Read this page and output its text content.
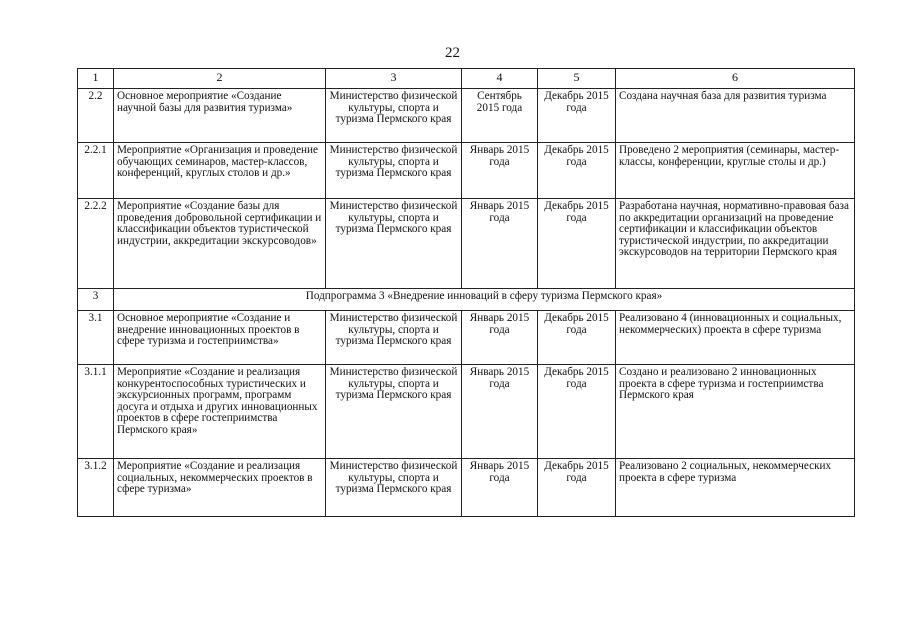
22
1	2	3	4	5	6
2.2	Основное мероприятие «Создание научной базы для развития туризма»	Министерство физической культуры, спорта и туризма Пермского края	Сентябрь 2015 года	Декабрь 2015 года	Создана научная база для развития туризма
2.2.1	Мероприятие «Организация и проведение обучающих семинаров, мастер-классов, конференций, круглых столов и др.»	Министерство физической культуры, спорта и туризма Пермского края	Январь 2015 года	Декабрь 2015 года	Проведено 2 мероприятия (семинары, мастер-классы, конференции, круглые столы и др.)
2.2.2	Мероприятие «Создание базы для проведения добровольной сертификации и классификации объектов туристической индустрии, аккредитации экскурсоводов»	Министерство физической культуры, спорта и туризма Пермского края	Январь 2015 года	Декабрь 2015 года	Разработана научная, нормативно-правовая база по аккредитации организаций на проведение сертификации и классификации объектов туристической индустрии, по аккредитации экскурсоводов на территории Пермского края
3	Подпрограмма 3 «Внедрение инноваций в сферу туризма Пермского края»				
3.1	Основное мероприятие «Создание и внедрение инновационных проектов в сфере туризма и гостеприимства»	Министерство физической культуры, спорта и туризма Пермского края	Январь 2015 года	Декабрь 2015 года	Реализовано 4 (инновационных и социальных, некоммерческих) проекта в сфере туризма
3.1.1	Мероприятие «Создание и реализация конкурентоспособных туристических и экскурсионных программ, программ досуга и отдыха и других инновационных проектов в сфере гостеприимства Пермского края»	Министерство физической культуры, спорта и туризма Пермского края	Январь 2015 года	Декабрь 2015 года	Создано и реализовано 2 инновационных проекта в сфере туризма и гостеприимства Пермского края
3.1.2	Мероприятие «Создание и реализация социальных, некоммерческих проектов в сфере туризма»	Министерство физической культуры, спорта и туризма Пермского края	Январь 2015 года	Декабрь 2015 года	Реализовано 2 социальных, некоммерческих проекта в сфере туризма
